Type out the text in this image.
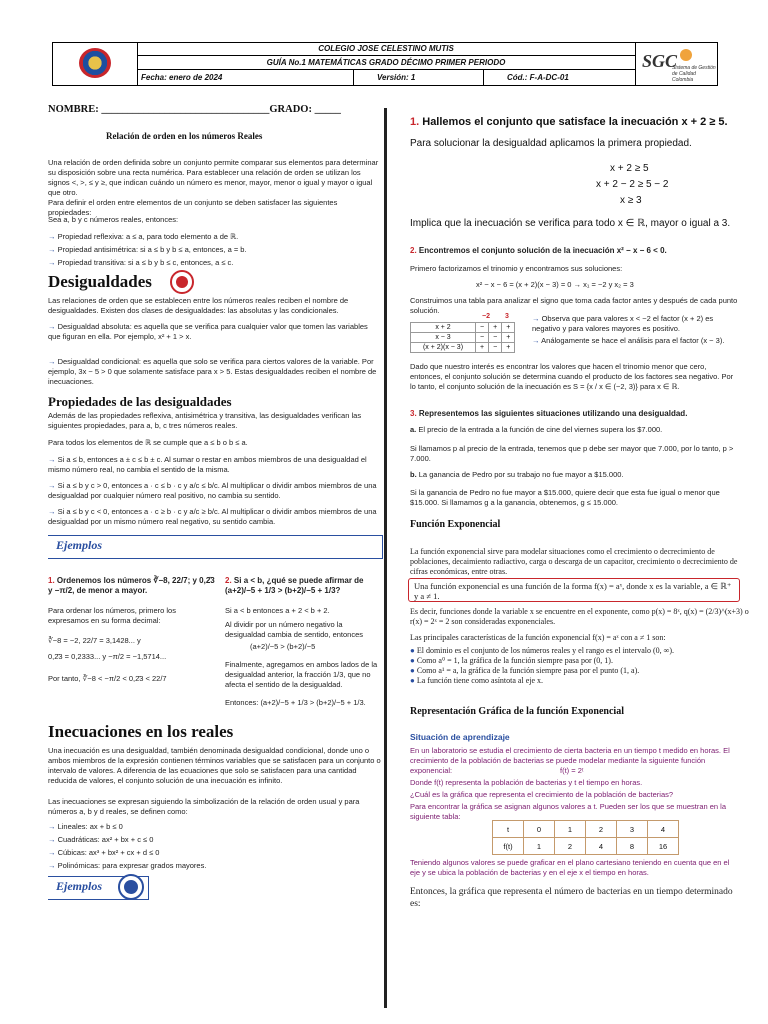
COLEGIO JOSE CELESTINO MUTIS
GUÍA No.1 MATEMÁTICAS GRADO DÉCIMO PRIMER PERIODO
Fecha: enero de 2024	Versión: 1	Cód.: F-A-DC-01
SGC
Sistema de Gestión de Calidad Colombia
NOMBRE: ________________________________GRADO: _____
Relación de orden en los números Reales
Una relación de orden definida sobre un conjunto permite comparar sus elementos para determinar su disposición sobre una recta numérica. Para establecer una relación de orden se utilizan los signos <, >, ≤ y ≥, que indican cuándo un número es menor, mayor, menor o igual y mayor o igual que otro.
Para definir el orden entre elementos de un conjunto se deben satisfacer las siguientes propiedades:
Sea a, b y c números reales, entonces:
→ Propiedad reflexiva: a ≤ a, para todo elemento a de ℝ.
→ Propiedad antisimétrica: si a ≤ b y b ≤ a, entonces, a = b.
→ Propiedad transitiva: si a ≤ b y b ≤ c, entonces, a ≤ c.
Desigualdades
Las relaciones de orden que se establecen entre los números reales reciben el nombre de desigualdades. Existen dos clases de desigualdades: las absolutas y las condicionales.
→ Desigualdad absoluta: es aquella que se verifica para cualquier valor que tomen las variables que figuran en ella. Por ejemplo, x² + 1 > x.
→ Desigualdad condicional: es aquella que solo se verifica para ciertos valores de la variable. Por ejemplo, 3x − 5 > 0 que solamente satisface para x > 5. Estas desigualdades reciben el nombre de inecuaciones.
Propiedades de las desigualdades
Además de las propiedades reflexiva, antisimétrica y transitiva, las desigualdades verifican las siguientes propiedades, para a, b, c tres números reales.
Para todos los elementos de ℝ se cumple que a ≤ b o b ≤ a.
→ Si a ≤ b, entonces a ± c ≤ b ± c. Al sumar o restar en ambos miembros de una desigualdad el mismo número real, no cambia el sentido de la misma.
→ Si a ≤ b y c > 0, entonces a · c ≤ b · c y a/c ≤ b/c. Al multiplicar o dividir ambos miembros de una desigualdad por cualquier número real positivo, no cambia su sentido.
→ Si a ≤ b y c < 0, entonces a · c ≥ b · c y a/c ≥ b/c. Al multiplicar o dividir ambos miembros de una desigualdad por un mismo número real negativo, su sentido cambia.
Ejemplos
1. Ordenemos los números ∛−8, 22/7; y 0,2̄3 y −π/2, de menor a mayor.
Para ordenar los números, primero los expresamos en su forma decimal:
∛−8 = −2, 22/7 = 3,1428... y
0,2̄3 = 0,2333... y −π/2 = −1,5714...
Por tanto, ∛−8 < −π/2 < 0,2̄3 < 22/7
2. Si a < b, ¿qué se puede afirmar de (a+2)/−5 + 1/3 > (b+2)/−5 + 1/3?
Si a < b entonces a + 2 < b + 2.
Al dividir por un número negativo la desigualdad cambia de sentido, entonces
(a+2)/−5 > (b+2)/−5
Finalmente, agregamos en ambos lados de la desigualdad anterior, la fracción 1/3, que no afecta el sentido de la desigualdad.
Entonces: (a+2)/−5 + 1/3 > (b+2)/−5 + 1/3.
Inecuaciones en los reales
Una inecuación es una desigualdad, también denominada desigualdad condicional, donde uno o ambos miembros de la expresión contienen términos variables que se satisfacen para un conjunto o intervalo de valores. A diferencia de las ecuaciones que solo se satisfacen para una cantidad reducida de valores, el conjunto solución de una inecuación es infinito.
Las inecuaciones se expresan siguiendo la simbolización de la relación de orden usual y para números a, b y d reales, se definen como:
→ Lineales: ax + b ≤ 0
→ Cuadráticas: ax² + bx + c ≤ 0
→ Cúbicas: ax³ + bx² + cx + d ≤ 0
→ Polinómicas: para expresar grados mayores.
Ejemplos
1. Hallemos el conjunto que satisface la inecuación x + 2 ≥ 5.
Para solucionar la desigualdad aplicamos la primera propiedad.
x + 2 ≥ 5
x + 2 − 2 ≥ 5 − 2
x ≥ 3
Implica que la inecuación se verifica para todo x ∈ ℝ, mayor o igual a 3.
2. Encontremos el conjunto solución de la inecuación x² − x − 6 < 0.
Primero factorizamos el trinomio y encontramos sus soluciones:
x² − x − 6 = (x + 2)(x − 3) = 0 → x₁ = −2 y x₂ = 3
Construimos una tabla para analizar el signo que toma cada factor antes y después de cada punto solución.
−2 3
x + 2	−	+	+
x − 3	−	−	+
(x + 2)(x − 3)	+	−	+
→ Observa que para valores x < −2 el factor (x + 2) es negativo y para valores mayores es positivo.
→ Análogamente se hace el análisis para el factor (x − 3).
Dado que nuestro interés es encontrar los valores que hacen el trinomio menor que cero, entonces, el conjunto solución se determina cuando el producto de los factores sea negativo. Por lo tanto, el conjunto solución de la inecuación es S = {x / x ∈ (−2, 3)} para x ∈ ℝ.
3. Representemos las siguientes situaciones utilizando una desigualdad.
a. El precio de la entrada a la función de cine del viernes supera los $7.000.
Si llamamos p al precio de la entrada, tenemos que p debe ser mayor que 7.000, por lo tanto, p > 7.000.
b. La ganancia de Pedro por su trabajo no fue mayor a $15.000.
Si la ganancia de Pedro no fue mayor a $15.000, quiere decir que esta fue igual o menor que $15.000. Si llamamos g a la ganancia, obtenemos, g ≤ 15.000.
Función Exponencial
La función exponencial sirve para modelar situaciones como el crecimiento o decrecimiento de poblaciones, decaimiento radiactivo, carga o descarga de un capacitor, crecimiento o decrecimiento de cifras económicas, entre otras.
Una función exponencial es una función de la forma f(x) = aˣ, donde x es la variable, a ∈ ℝ⁺ y a ≠ 1.
Es decir, funciones donde la variable x se encuentre en el exponente, como p(x) = 8ˣ, q(x) = (2/3)^(x+3) o r(x) = 2ˣ = 2 son consideradas exponenciales.
Las principales características de la función exponencial f(x) = aˣ con a ≠ 1 son:
● El dominio es el conjunto de los números reales y el rango es el intervalo (0, ∞).
● Como a⁰ = 1, la gráfica de la función siempre pasa por (0, 1).
● Como a¹ = a, la gráfica de la función siempre pasa por el punto (1, a).
● La función tiene como asíntota al eje x.
Representación Gráfica de la función Exponencial
Situación de aprendizaje
En un laboratorio se estudia el crecimiento de cierta bacteria en un tiempo t medido en horas. El crecimiento de la población de bacterias se puede modelar mediante la siguiente función exponencial:	f(t) = 2ᵗ
Donde f(t) representa la población de bacterias y t el tiempo en horas.
¿Cuál es la gráfica que representa el crecimiento de la población de bacterias?
Para encontrar la gráfica se asignan algunos valores a t. Pueden ser los que se muestran en la siguiente tabla:
t	0	1	2	3	4
f(t)	1	2	4	8	16
Teniendo algunos valores se puede graficar en el plano cartesiano teniendo en cuenta que en el eje y se ubica la población de bacterias y en el eje x el tiempo en horas.
Entonces, la gráfica que representa el número de bacterias en un tiempo determinado es:
